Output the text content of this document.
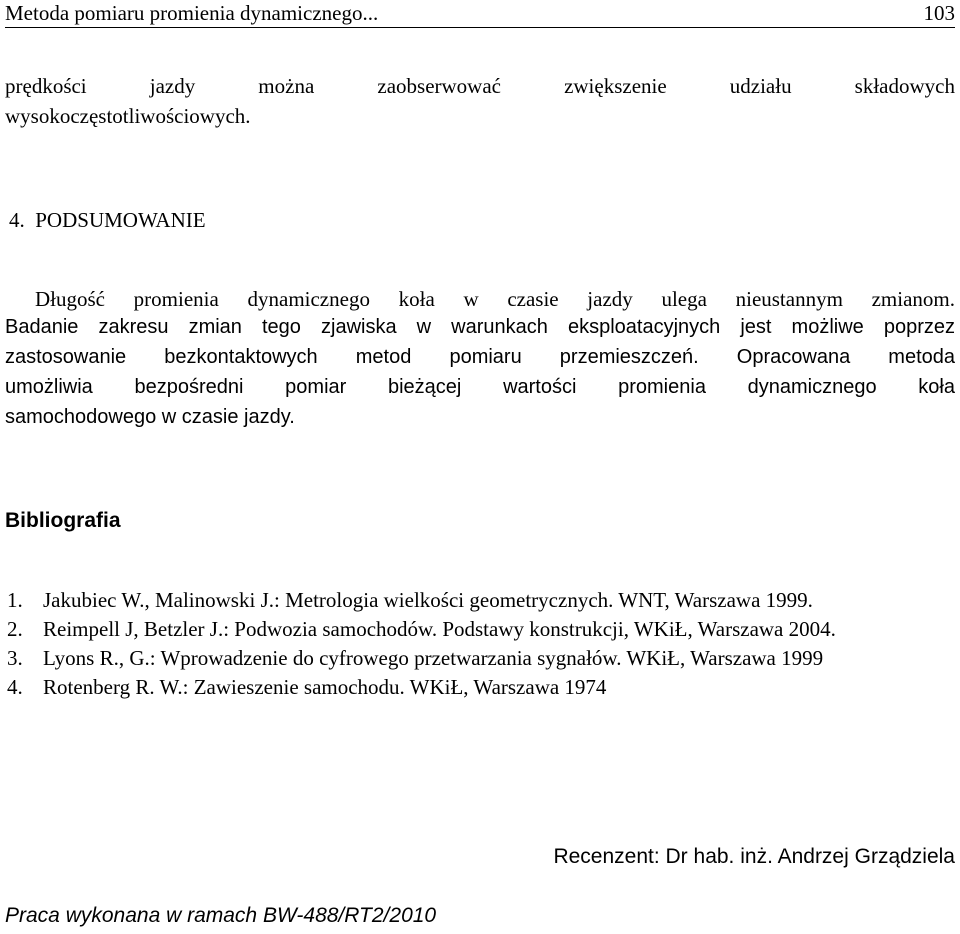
Metoda pomiaru promienia dynamicznego...	103
prędkości jazdy można zaobserwować zwiększenie udziału składowych
wysokoczęstotliwościowych.
4. PODSUMOWANIE
Długość promienia dynamicznego koła w czasie jazdy ulega nieustannym zmianom.
Badanie zakresu zmian tego zjawiska w warunkach eksploatacyjnych jest możliwe poprzez
zastosowanie bezkontaktowych metod pomiaru przemieszczeń. Opracowana metoda
umożliwia bezpośredni pomiar bieżącej wartości promienia dynamicznego koła
samochodowego w czasie jazdy.
Bibliografia
1. Jakubiec W., Malinowski J.: Metrologia wielkości geometrycznych. WNT, Warszawa 1999.
2. Reimpell J, Betzler J.: Podwozia samochodów. Podstawy konstrukcji, WKiŁ, Warszawa 2004.
3. Lyons R., G.: Wprowadzenie do cyfrowego przetwarzania sygnałów. WKiŁ, Warszawa 1999
4. Rotenberg R. W.: Zawieszenie samochodu. WKiŁ, Warszawa 1974
Recenzent: Dr hab. inż. Andrzej Grządziela
Praca wykonana w ramach BW-488/RT2/2010
